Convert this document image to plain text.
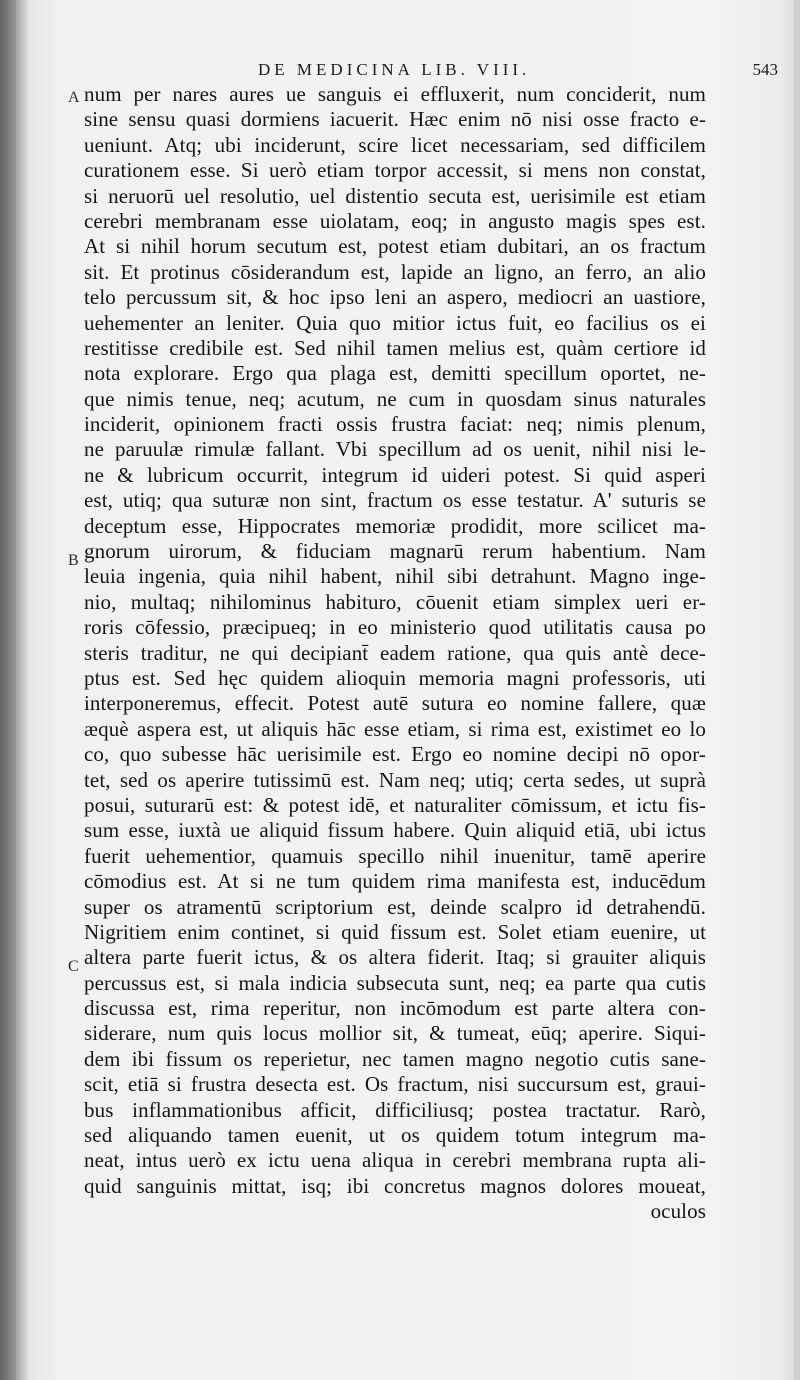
DE MEDICINA LIB. VIII.	543
A
B
C
num per nares aures ue sanguis ei effluxerit, num conciderit, num
sine sensu quasi dormiens iacuerit. Hæc enim nō nisi osse fracto e-
ueniunt. Atq; ubi inciderunt, scire licet necessariam, sed difficilem
curationem esse. Si uerò etiam torpor accessit, si mens non constat,
si neruorū uel resolutio, uel distentio secuta est, uerisimile est etiam
cerebri membranam esse uiolatam, eoq; in angusto magis spes est.
At si nihil horum secutum est, potest etiam dubitari, an os fractum
sit. Et protinus cōsiderandum est, lapide an ligno, an ferro, an alio
telo percussum sit, & hoc ipso leni an aspero, mediocri an uastiore,
uehementer an leniter. Quia quo mitior ictus fuit, eo facilius os ei
restitisse credibile est. Sed nihil tamen melius est, quàm certiore id
nota explorare. Ergo qua plaga est, demitti specillum oportet, ne-
que nimis tenue, neq; acutum, ne cum in quosdam sinus naturales
inciderit, opinionem fracti ossis frustra faciat: neq; nimis plenum,
ne paruulæ rimulæ fallant. Vbi specillum ad os uenit, nihil nisi le-
ne & lubricum occurrit, integrum id uideri potest. Si quid asperi
est, utiq; qua suturæ non sint, fractum os esse testatur. A' suturis se
deceptum esse, Hippocrates memoriæ prodidit, more scilicet ma-
gnorum uirorum, & fiduciam magnarū rerum habentium. Nam
leuia ingenia, quia nihil habent, nihil sibi detrahunt. Magno inge-
nio, multaq; nihilominus habituro, cōuenit etiam simplex ueri er-
roris cōfessio, præcipueq; in eo ministerio quod utilitatis causa po
steris traditur, ne qui decipiant̄ eadem ratione, qua quis antè dece-
ptus est. Sed hęc quidem alioquin memoria magni professoris, uti
interponeremus, effecit. Potest autē sutura eo nomine fallere, quæ
æquè aspera est, ut aliquis hāc esse etiam, si rima est, existimet eo lo
co, quo subesse hāc uerisimile est. Ergo eo nomine decipi nō opor-
tet, sed os aperire tutissimū est. Nam neq; utiq; certa sedes, ut suprà
posui, suturarū est: & potest idē, et naturaliter cōmissum, et ictu fis-
sum esse, iuxtà ue aliquid fissum habere. Quin aliquid etiā, ubi ictus
fuerit uehementior, quamuis specillo nihil inuenitur, tamē aperire
cōmodius est. At si ne tum quidem rima manifesta est, inducēdum
super os atramentū scriptorium est, deinde scalpro id detrahendū.
Nigritiem enim continet, si quid fissum est. Solet etiam euenire, ut
altera parte fuerit ictus, & os altera fiderit. Itaq; si grauiter aliquis
percussus est, si mala indicia subsecuta sunt, neq; ea parte qua cutis
discussa est, rima reperitur, non incōmodum est parte altera con-
siderare, num quis locus mollior sit, & tumeat, eūq; aperire. Siqui-
dem ibi fissum os reperietur, nec tamen magno negotio cutis sane-
scit, etiā si frustra desecta est. Os fractum, nisi succursum est, graui-
bus inflammationibus afficit, difficiliusq; postea tractatur. Rarò,
sed aliquando tamen euenit, ut os quidem totum integrum ma-
neat, intus uerò ex ictu uena aliqua in cerebri membrana rupta ali-
quid sanguinis mittat, isq; ibi concretus magnos dolores moueat,
oculos
